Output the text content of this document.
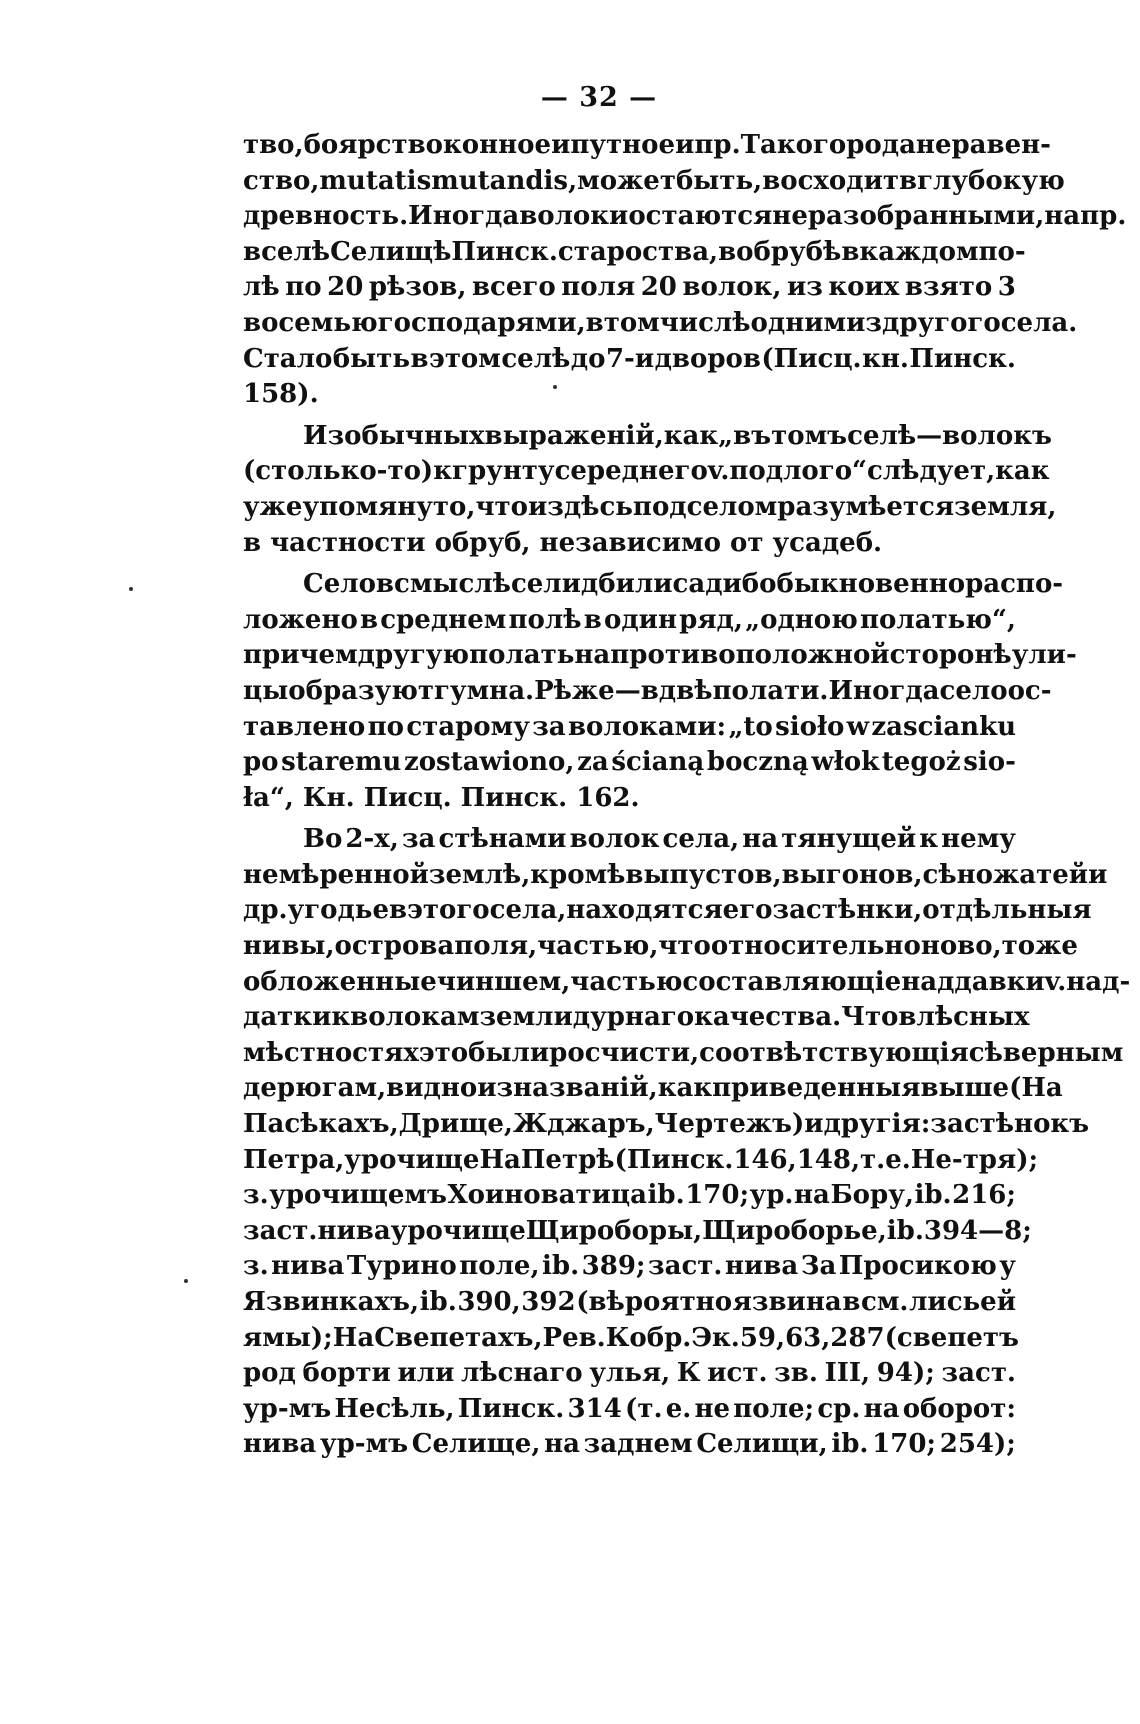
— 32 —
тво, боярство конное и путное и пр. Такого рода неравен-
ство, mutatis mutandis, может быть, восходит в глубокую
древность. Иногда волоки остаются неразобранными, на пр.
в селѣ Селищѣ Пинск. староства, в обрубѣ в каждом по-
лѣ по 20 рѣзов, всего поля 20 волок, из коих взято 3
восемью господарями, в том числѣ одним из другого села.
Стало быть в этом селѣ до 7-и дворов (Писц. кн. Пинск.
158).
Из обычных выраженій, как „въ томъ селѣ — волокъ
(столько-то) кгрунту середнего v. подлого“ слѣдует, как
уже упомянуто, что и здѣсь под селом разумѣется земля,
в частности обруб, независимо от усадеб.
Село в смыслѣ селидб или садиб обыкновенно распо-
ложено в среднем полѣ в один ряд, „одною полатью“,
при чем другую полать на противоположной сторонѣ ули-
цы образуют гумна. Рѣже—в двѣ полати. Иногда село ос-
тавлено по старому за волоками: „to sioło w zascianku
po staremu zostawiono, za ścianą boczną włok tegoż sio-
ła“, Кн. Писц. Пинск. 162.
Во 2-х, за стѣнами волок села, на тянущей к нему
немѣренной землѣ, кромѣ выпустов, выгонов, сѣножатей и
др. угодьев этого села, находятся его застѣнки, отдѣльныя
нивы, острова поля, частью, что относительно ново, тоже
обложенные чиншем, частью составляющіе наддавки v. над-
датки к волокам земли дурнаго качества. Что в лѣсных
мѣстностях это были росчисти, соотвѣтствующія сѣверным
дерюгам, видно из названій, как приведенныя выше (На
Пасѣкахъ, Дрище, Жджаръ, Чертежъ) и другія: застѣнокъ
Петра, урочище На Петрѣ (Пинск. 146, 148, т. е. Не-тря);
з. урочищемъ Хоиноватица ib. 170; ур. на Бору, ib. 216;
заст. нива урочище Щироборы, Щироборье, ib. 394—8;
з. нива Турино поле, ib. 389; заст. нива За Просикою у
Язвинкахъ, ib. 390, 392 (вѣроятно язвина в см. лисьей
ямы); На Свепетахъ, Рев. Кобр. Эк. 59, 63, 287 (свепетъ
род борти или лѣснаго улья, К ист. зв. III, 94); заст.
ур-мъ Несѣль, Пинск. 314 (т. е. не поле; ср. на оборот:
нива ур-мъ Селище, на заднем Селищи, ib. 170; 254);
